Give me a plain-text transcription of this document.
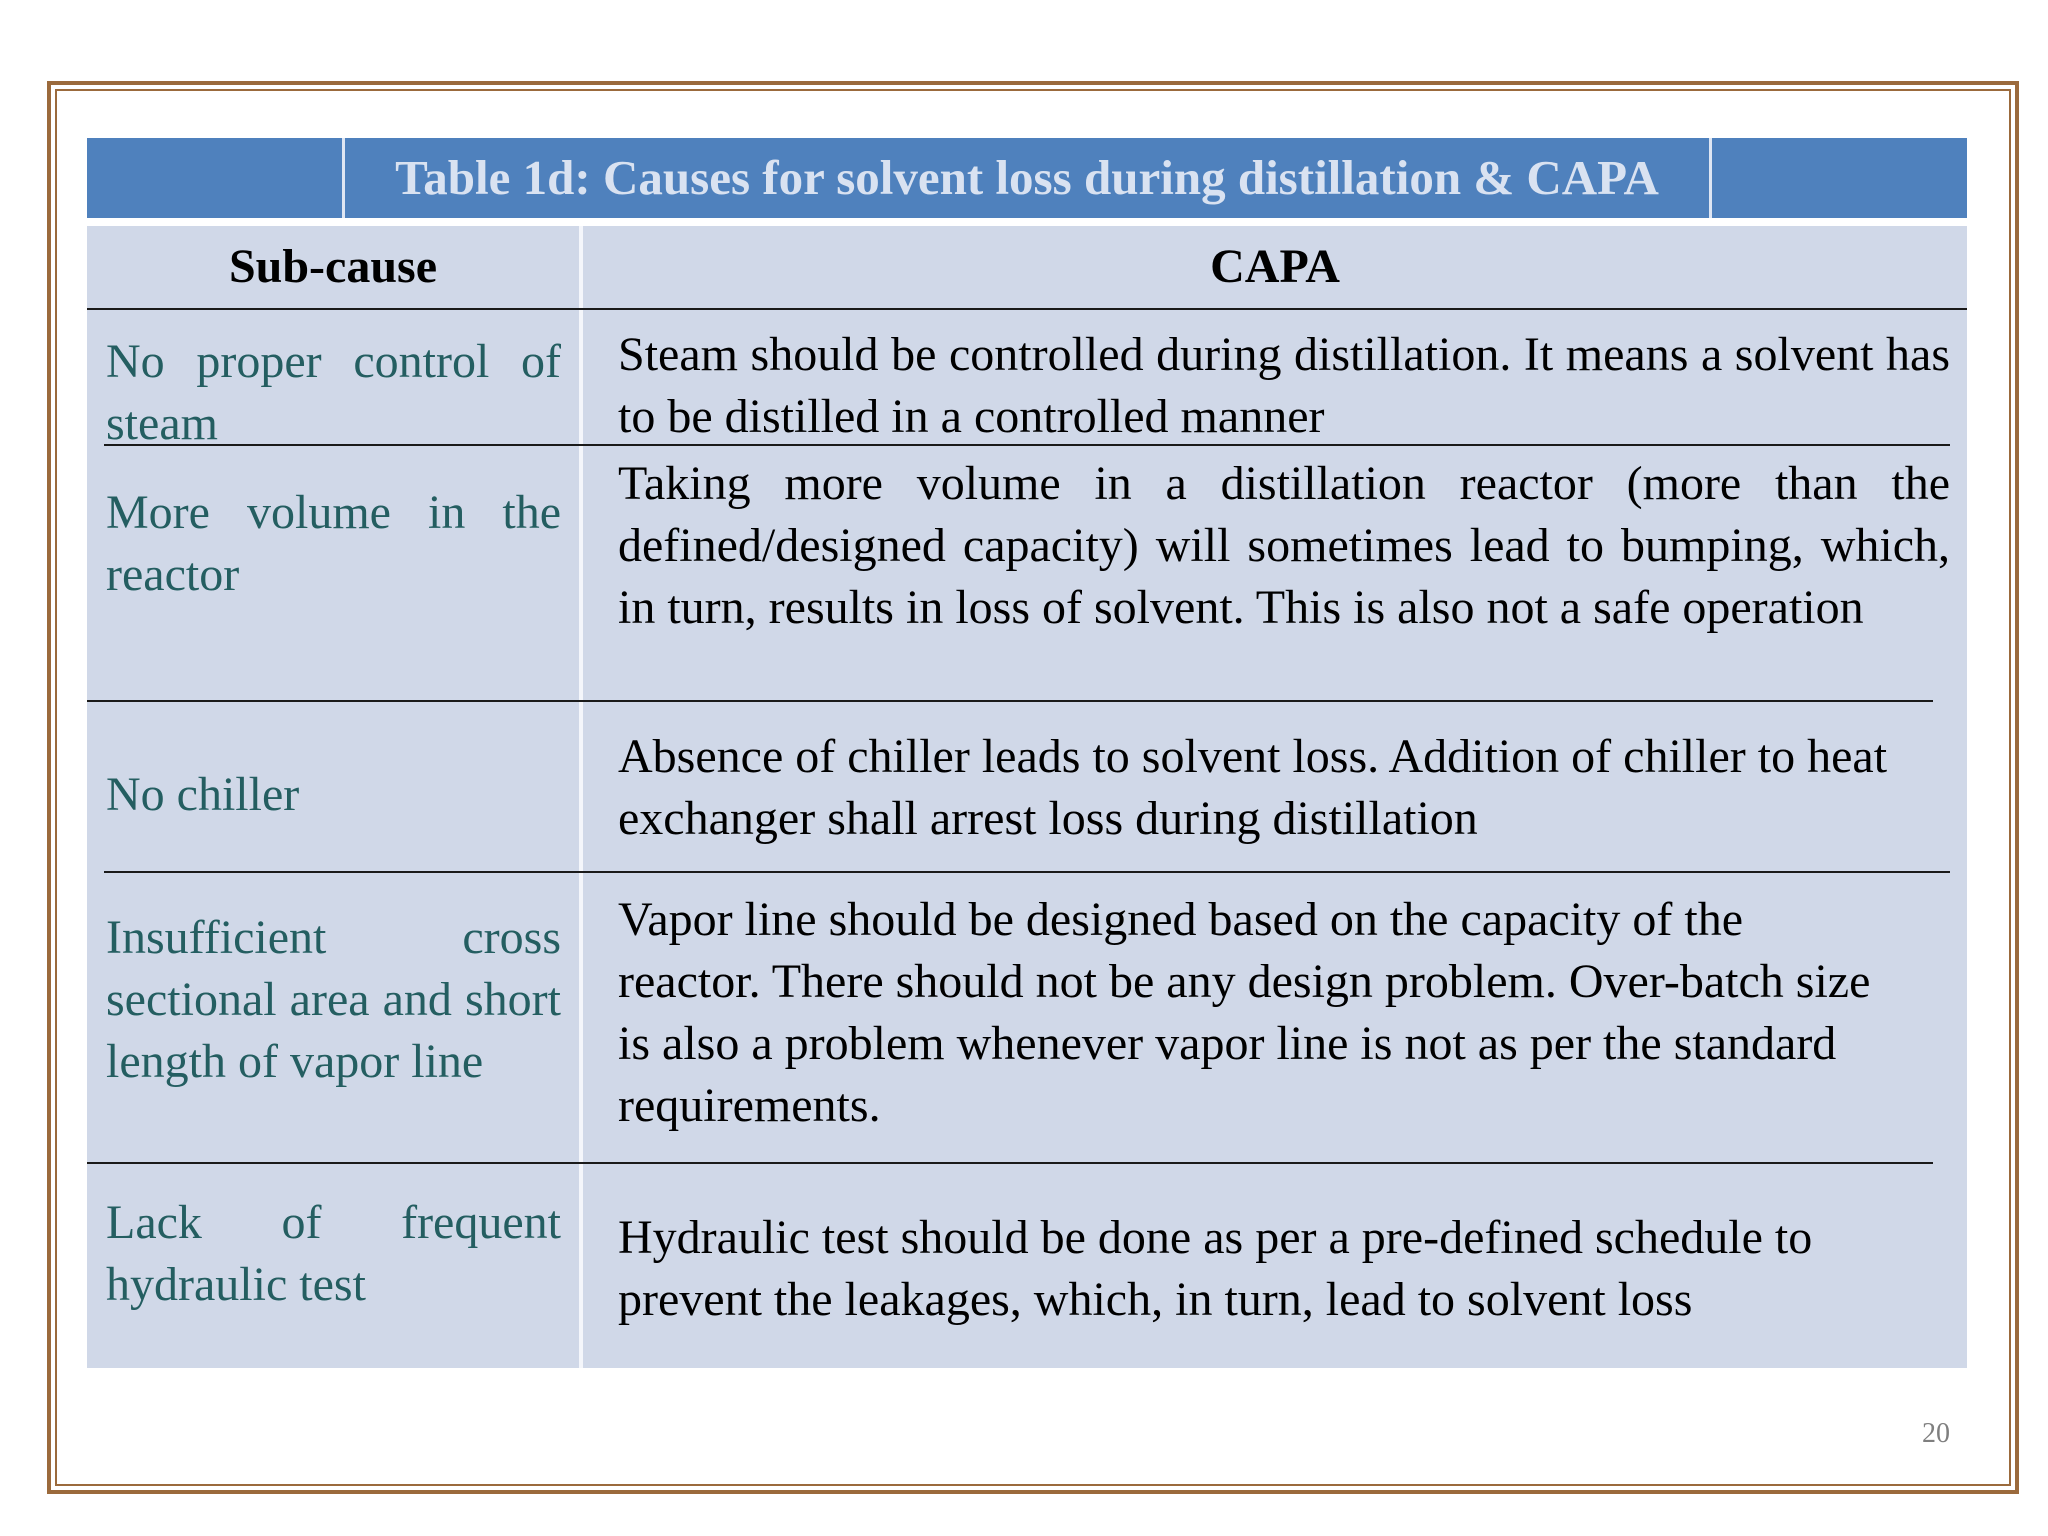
Table 1d: Causes for solvent loss during distillation & CAPA
Sub-cause	CAPA
No proper control of steam
Steam should be controlled during distillation. It means a solvent has to be distilled in a controlled manner
More volume in the reactor
Taking more volume in a distillation reactor (more than the defined/designed capacity) will sometimes lead to bumping, which, in turn, results in loss of solvent. This is also not a safe operation
No chiller
Absence of chiller leads to solvent loss. Addition of chiller to heat exchanger shall arrest loss during distillation
Insufficient cross sectional area and short length of vapor line
Vapor line should be designed based on the capacity of the reactor. There should not be any design problem. Over-batch size is also a problem whenever vapor line is not as per the standard requirements.
Lack of frequent hydraulic test
Hydraulic test should be done as per a pre-defined schedule to prevent the leakages, which, in turn, lead to solvent loss
20
